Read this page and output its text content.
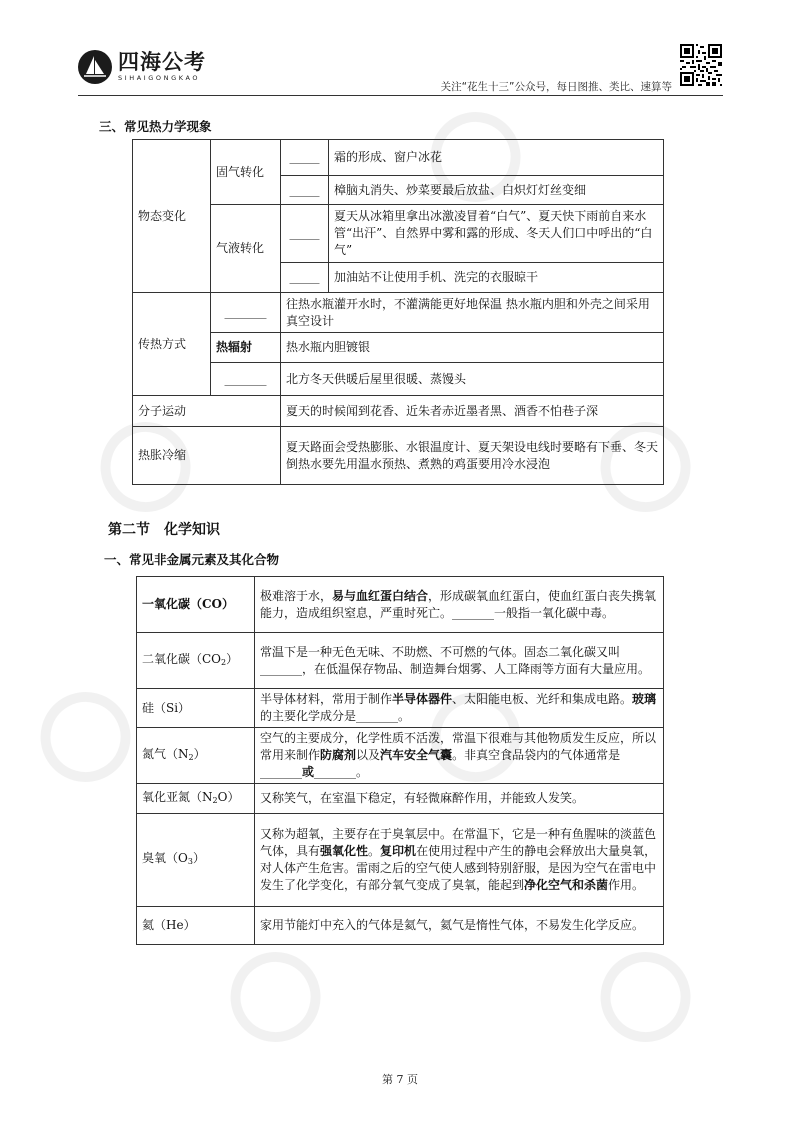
四海公考
SIHAIGONGKAO
关注“花生十三”公众号，每日图推、类比、速算等
三、常见热力学现象
物态变化	固气转化	_____	霜的形成、窗户冰花
		_____	樟脑丸消失、炒菜要最后放盐、白炽灯灯丝变细
	气液转化	_____	夏天从冰箱里拿出冰激凌冒着“白气”、夏天快下雨前自来水管“出汗”、自然界中雾和露的形成、冬天人们口中呼出的“白气”
		_____	加油站不让使用手机、洗完的衣服晾干
传热方式	_______	往热水瓶灌开水时，不灌满能更好地保温 热水瓶内胆和外壳之间采用真空设计	
	热辐射	热水瓶内胆镀银	
	_______	北方冬天供暖后屋里很暖、蒸馒头	
分子运动		夏天的时候闻到花香、近朱者赤近墨者黑、酒香不怕巷子深	
热胀冷缩		夏天路面会受热膨胀、水银温度计、夏天架设电线时要略有下垂、冬天倒热水要先用温水预热、煮熟的鸡蛋要用冷水浸泡	
第二节　化学知识
一、常见非金属元素及其化合物
一氧化碳（CO）	极难溶于水，易与血红蛋白结合，形成碳氧血红蛋白，使血红蛋白丧失携氧能力，造成组织窒息，严重时死亡。_______一般指一氧化碳中毒。
二氧化碳$(CO_2)$	常温下是一种无色无味、不助燃、不可燃的气体。固态二氧化碳又叫_______，在低温保存物品、制造舞台烟雾、人工降雨等方面有大量应用。
硅（Si）	半导体材料，常用于制作半导体器件、太阳能电板、光纤和集成电路。玻璃的主要化学成分是_______。
氮气$(N_2)$	空气的主要成分，化学性质不活泼，常温下很难与其他物质发生反应，所以常用来制作防腐剂以及汽车安全气囊。非真空食品袋内的气体通常是_______或_______。
氧化亚氮$(N_2O)$	又称笑气，在室温下稳定，有轻微麻醉作用，并能致人发笑。
臭氧$(O_3)$	又称为超氧，主要存在于臭氧层中。在常温下，它是一种有鱼腥味的淡蓝色气体，具有强氧化性。复印机在使用过程中产生的静电会释放出大量臭氧，对人体产生危害。雷雨之后的空气使人感到特别舒服，是因为空气在雷电中发生了化学变化，有部分氧气变成了臭氧，能起到净化空气和杀菌作用。
氦（He）	家用节能灯中充入的气体是氦气，氦气是惰性气体，不易发生化学反应。
第 7 页
